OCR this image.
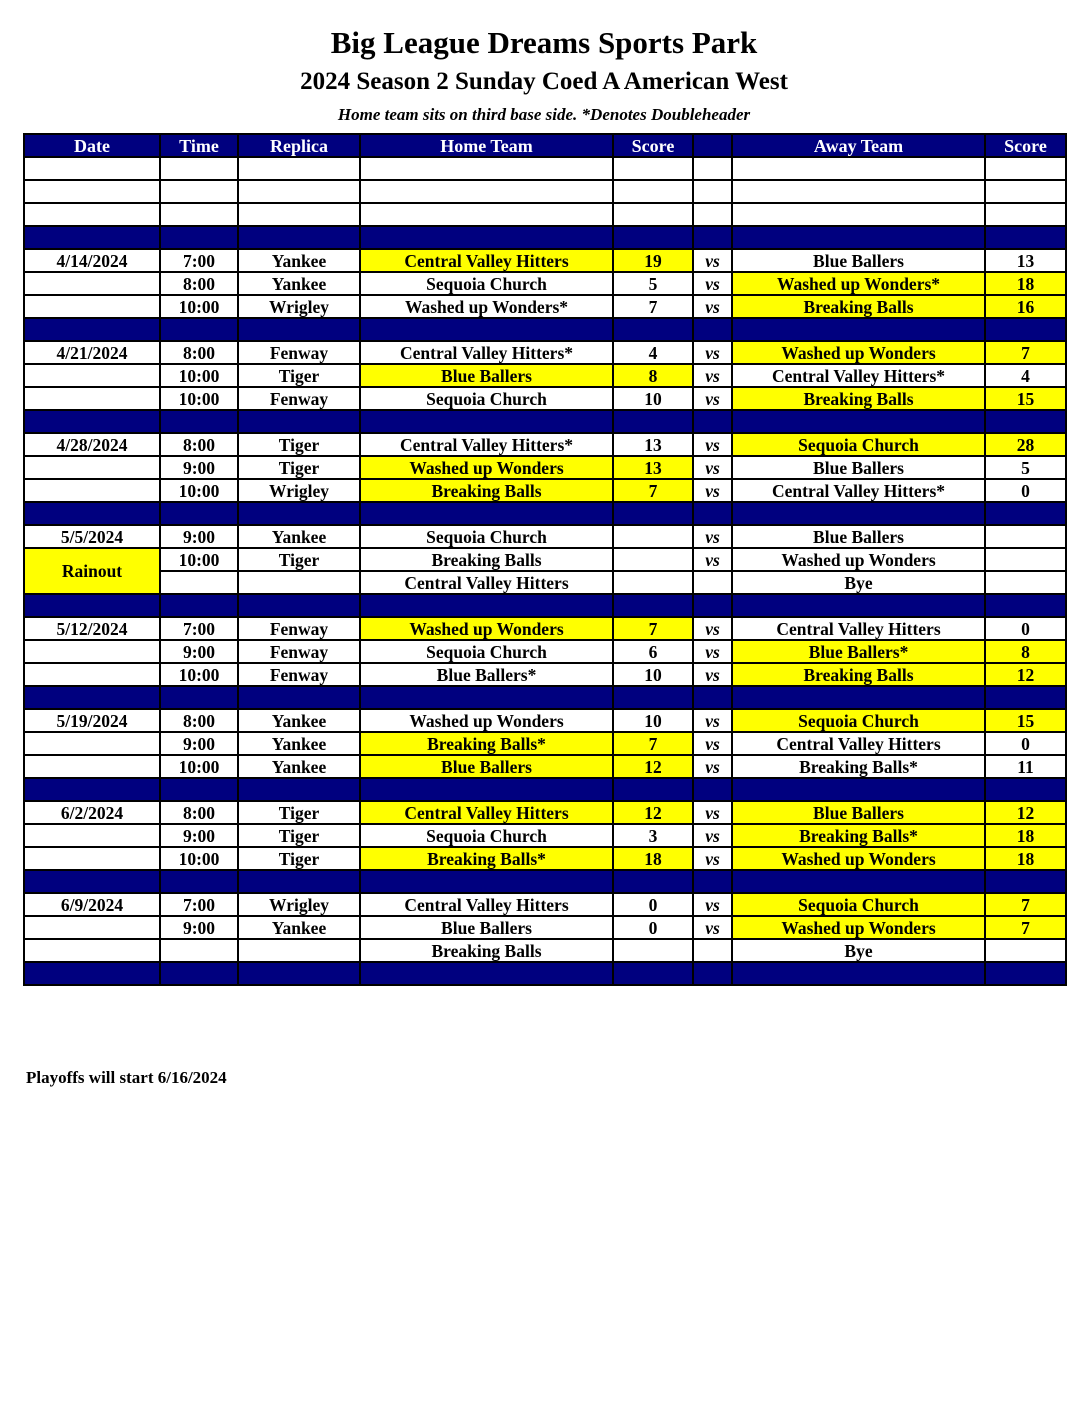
Big League Dreams Sports Park
2024 Season 2 Sunday Coed A American West
Home team sits on third base side. *Denotes Doubleheader
Date	Time	Replica	Home Team	Score		Away Team	Score

4/14/2024	7:00	Yankee	Central Valley Hitters	19	vs	Blue Ballers	13
	8:00	Yankee	Sequoia Church	5	vs	Washed up Wonders*	18
	10:00	Wrigley	Washed up Wonders*	7	vs	Breaking Balls	16

4/21/2024	8:00	Fenway	Central Valley Hitters*	4	vs	Washed up Wonders	7
	10:00	Tiger	Blue Ballers	8	vs	Central Valley Hitters*	4
	10:00	Fenway	Sequoia Church	10	vs	Breaking Balls	15

4/28/2024	8:00	Tiger	Central Valley Hitters*	13	vs	Sequoia Church	28
	9:00	Tiger	Washed up Wonders	13	vs	Blue Ballers	5
	10:00	Wrigley	Breaking Balls	7	vs	Central Valley Hitters*	0

5/5/2024	9:00	Yankee	Sequoia Church		vs	Blue Ballers	
Rainout	10:00	Tiger	Breaking Balls		vs	Washed up Wonders	
			Central Valley Hitters			Bye	

5/12/2024	7:00	Fenway	Washed up Wonders	7	vs	Central Valley Hitters	0
	9:00	Fenway	Sequoia Church	6	vs	Blue Ballers*	8
	10:00	Fenway	Blue Ballers*	10	vs	Breaking Balls	12

5/19/2024	8:00	Yankee	Washed up Wonders	10	vs	Sequoia Church	15
	9:00	Yankee	Breaking Balls*	7	vs	Central Valley Hitters	0
	10:00	Yankee	Blue Ballers	12	vs	Breaking Balls*	11

6/2/2024	8:00	Tiger	Central Valley Hitters	12	vs	Blue Ballers	12
	9:00	Tiger	Sequoia Church	3	vs	Breaking Balls*	18
	10:00	Tiger	Breaking Balls*	18	vs	Washed up Wonders	18

6/9/2024	7:00	Wrigley	Central Valley Hitters	0	vs	Sequoia Church	7
	9:00	Yankee	Blue Ballers	0	vs	Washed up Wonders	7
			Breaking Balls			Bye	

Playoffs will start 6/16/2024
